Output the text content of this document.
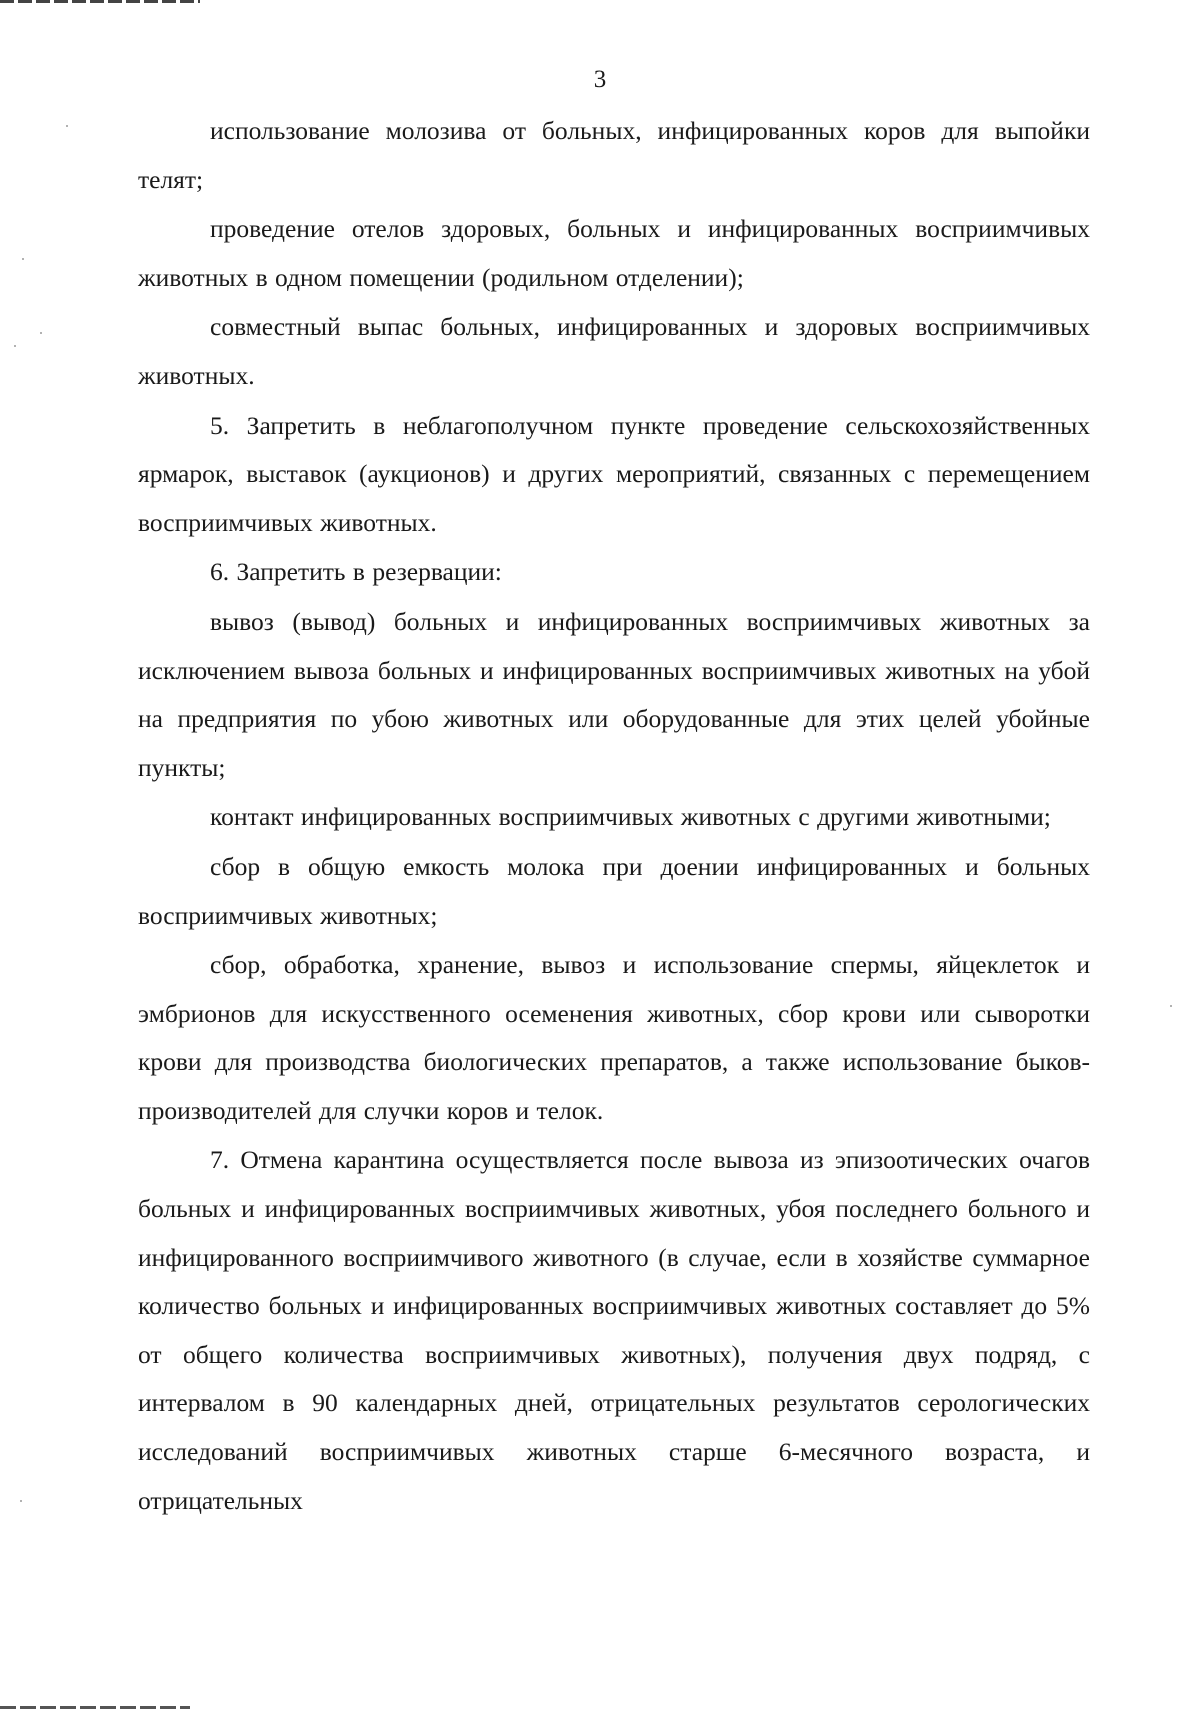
3

использование молозива от больных, инфицированных коров для выпойки телят;

проведение отелов здоровых, больных и инфицированных восприимчивых животных в одном помещении (родильном отделении);

совместный выпас больных, инфицированных и здоровых восприимчивых животных.

5. Запретить в неблагополучном пункте проведение сельскохозяйственных ярмарок, выставок (аукционов) и других мероприятий, связанных с перемещением восприимчивых животных.

6. Запретить в резервации:

вывоз (вывод) больных и инфицированных восприимчивых животных за исключением вывоза больных и инфицированных восприимчивых животных на убой на предприятия по убою животных или оборудованные для этих целей убойные пункты;

контакт инфицированных восприимчивых животных с другими животными;

сбор в общую емкость молока при доении инфицированных и больных восприимчивых животных;

сбор, обработка, хранение, вывоз и использование спермы, яйцеклеток и эмбрионов для искусственного осеменения животных, сбор крови или сыворотки крови для производства биологических препаратов, а также использование быков-производителей для случки коров и телок.

7. Отмена карантина осуществляется после вывоза из эпизоотических очагов больных и инфицированных восприимчивых животных, убоя последнего больного и инфицированного восприимчивого животного (в случае, если в хозяйстве суммарное количество больных и инфицированных восприимчивых животных составляет до 5% от общего количества восприимчивых животных), получения двух подряд, с интервалом в 90 календарных дней, отрицательных результатов серологических исследований восприимчивых животных старше 6-месячного возраста, и отрицательных
